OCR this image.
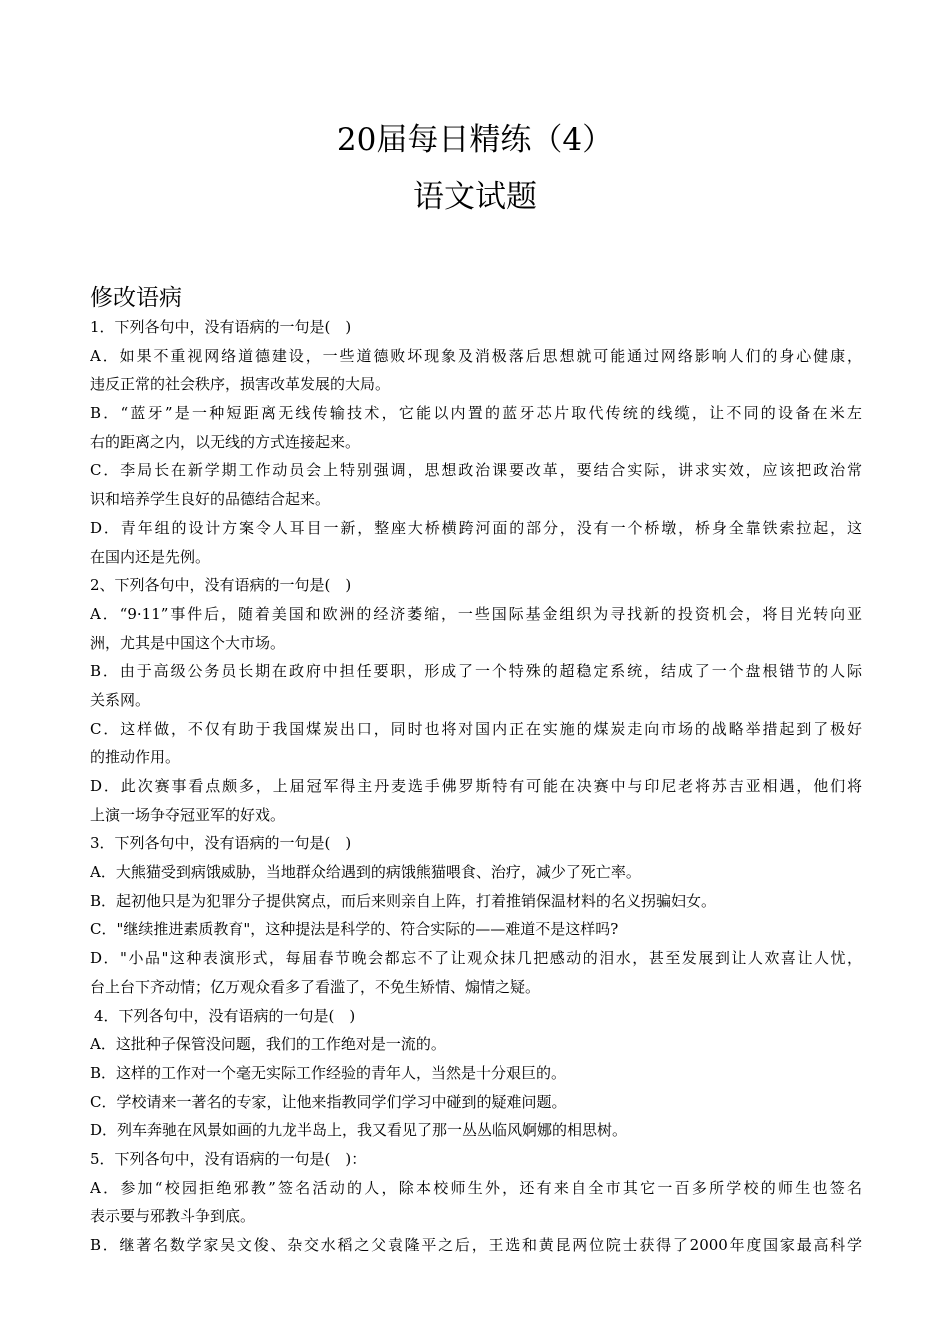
20届每日精练（4）
语文试题
修改语病
1．下列各句中，没有语病的一句是(　)
A．如果不重视网络道德建设，一些道德败坏现象及消极落后思想就可能通过网络影响人们的身心健康，
违反正常的社会秩序，损害改革发展的大局。
B．“蓝牙”是一种短距离无线传输技术，它能以内置的蓝牙芯片取代传统的线缆，让不同的设备在米左
右的距离之内，以无线的方式连接起来。
C．李局长在新学期工作动员会上特别强调，思想政治课要改革，要结合实际，讲求实效，应该把政治常
识和培养学生良好的品德结合起来。
D．青年组的设计方案令人耳目一新，整座大桥横跨河面的部分，没有一个桥墩，桥身全靠铁索拉起，这
在国内还是先例。
2、下列各句中，没有语病的一句是(　)
A．“9·11”事件后，随着美国和欧洲的经济萎缩，一些国际基金组织为寻找新的投资机会，将目光转向亚
洲，尤其是中国这个大市场。
B．由于高级公务员长期在政府中担任要职，形成了一个特殊的超稳定系统，结成了一个盘根错节的人际
关系网。
C．这样做，不仅有助于我国煤炭出口，同时也将对国内正在实施的煤炭走向市场的战略举措起到了极好
的推动作用。
D．此次赛事看点颇多，上届冠军得主丹麦选手佛罗斯特有可能在决赛中与印尼老将苏吉亚相遇，他们将
上演一场争夺冠亚军的好戏。
3．下列各句中，没有语病的一句是(　)
A．大熊猫受到病饿威胁，当地群众给遇到的病饿熊猫喂食、治疗，减少了死亡率。
B．起初他只是为犯罪分子提供窝点，而后来则亲自上阵，打着推销保温材料的名义拐骗妇女。
C．"继续推进素质教育"，这种提法是科学的、符合实际的——难道不是这样吗?
D．"小品"这种表演形式，每届春节晚会都忘不了让观众抹几把感动的泪水，甚至发展到让人欢喜让人忧，
台上台下齐动情；亿万观众看多了看滥了，不免生矫情、煽情之疑。
4．下列各句中，没有语病的一句是(　)
A．这批种子保管没问题，我们的工作绝对是一流的。
B．这样的工作对一个毫无实际工作经验的青年人，当然是十分艰巨的。
C．学校请来一著名的专家，让他来指教同学们学习中碰到的疑难问题。
D．列车奔驰在风景如画的九龙半岛上，我又看见了那一丛丛临风婀娜的相思树。
5．下列各句中，没有语病的一句是(　)：
A．参加“校园拒绝邪教”签名活动的人，除本校师生外，还有来自全市其它一百多所学校的师生也签名
表示要与邪教斗争到底。
B．继著名数学家吴文俊、杂交水稻之父袁隆平之后，王选和黄昆两位院士获得了2000年度国家最高科学
